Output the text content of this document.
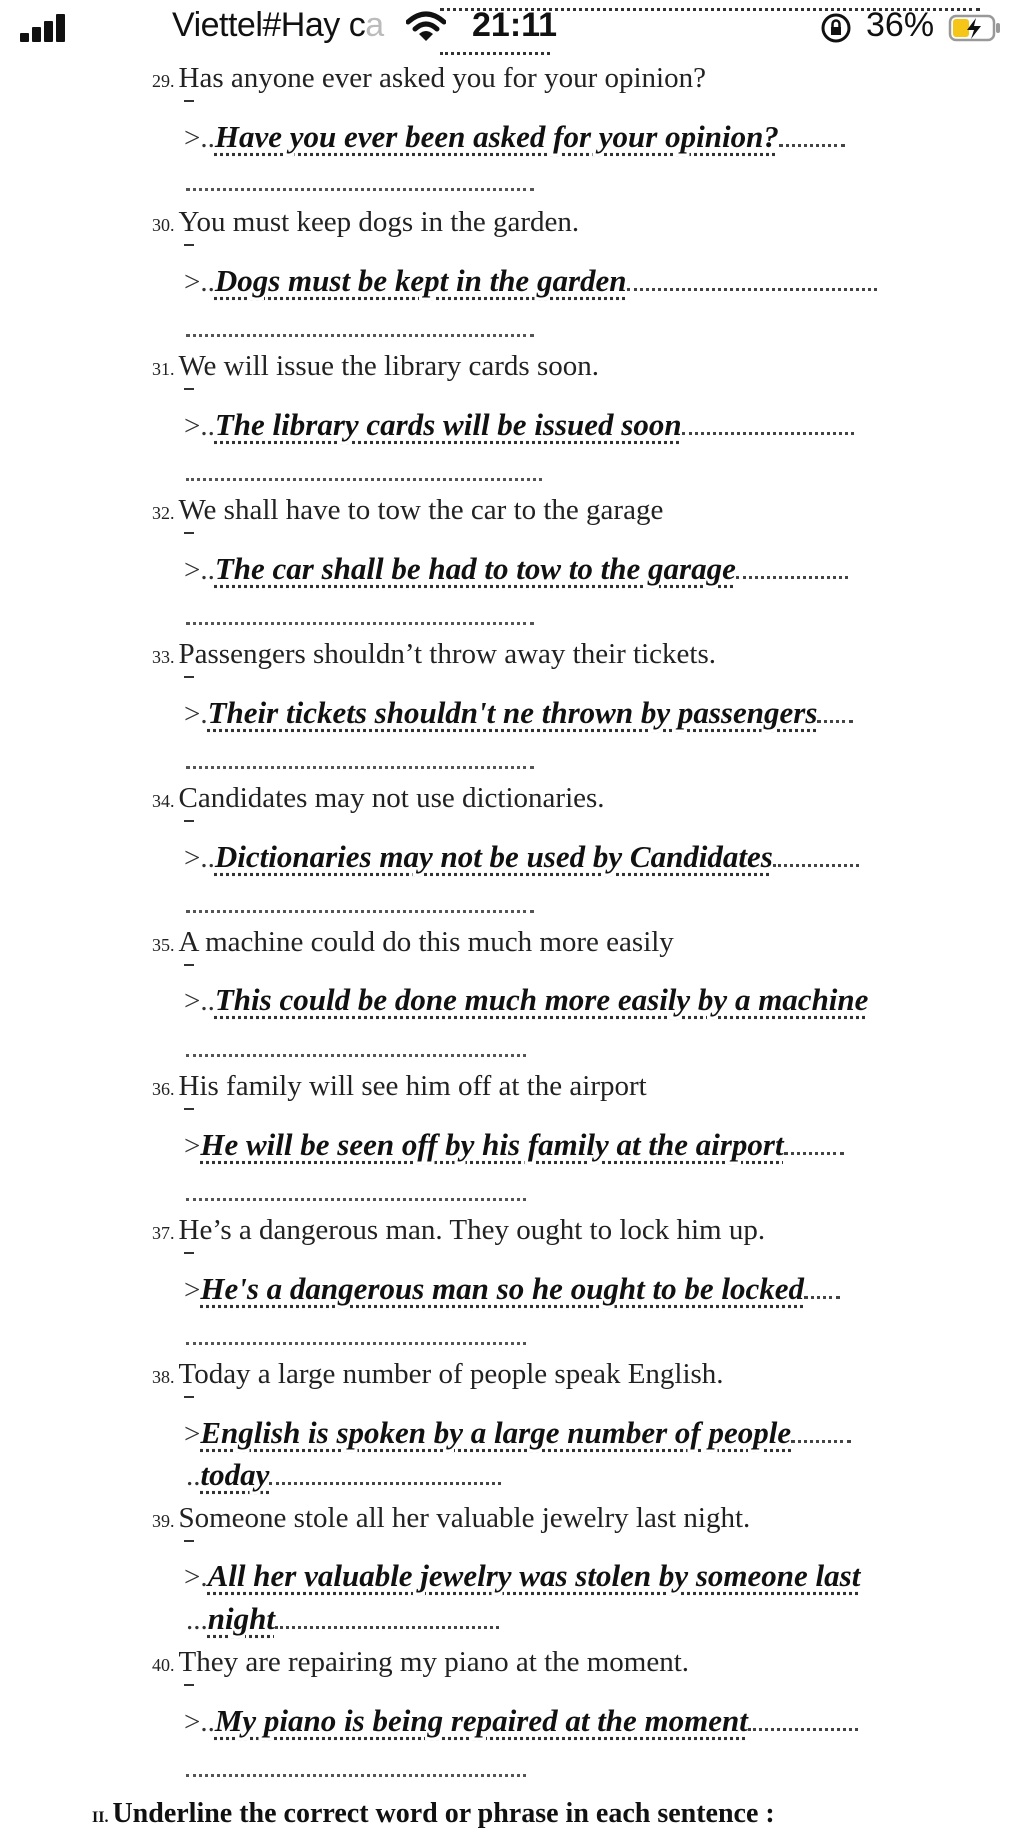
Viettel#Hay ca	21:11	36%
29. Has anyone ever asked you for your opinion?
>..Have you ever been asked for your opinion?
30. You must keep dogs in the garden.
>..Dogs must be kept in the garden
31. We will issue the library cards soon.
>..The library cards will be issued soon
32. We shall have to tow the car to the garage
>..The car shall be had to tow to the garage
33. Passengers shouldn’t throw away their tickets.
>.Their tickets shouldn't ne thrown by passengers
34. Candidates may not use dictionaries.
>..Dictionaries may not be used by Candidates
35. A machine could do this much more easily
>..This could be done much more easily by a machine
36. His family will see him off at the airport
>He will be seen off by his family at the airport
37. He’s a dangerous man. They ought to lock him up.
>He's a dangerous man so he ought to be locked
38. Today a large number of people speak English.
>English is spoken by a large number of people
..today
39. Someone stole all her valuable jewelry last night.
>.All her valuable jewelry was stolen by someone last
...night
40. They are repairing my piano at the moment.
>..My piano is being repaired at the moment
II. Underline the correct word or phrase in each sentence :
